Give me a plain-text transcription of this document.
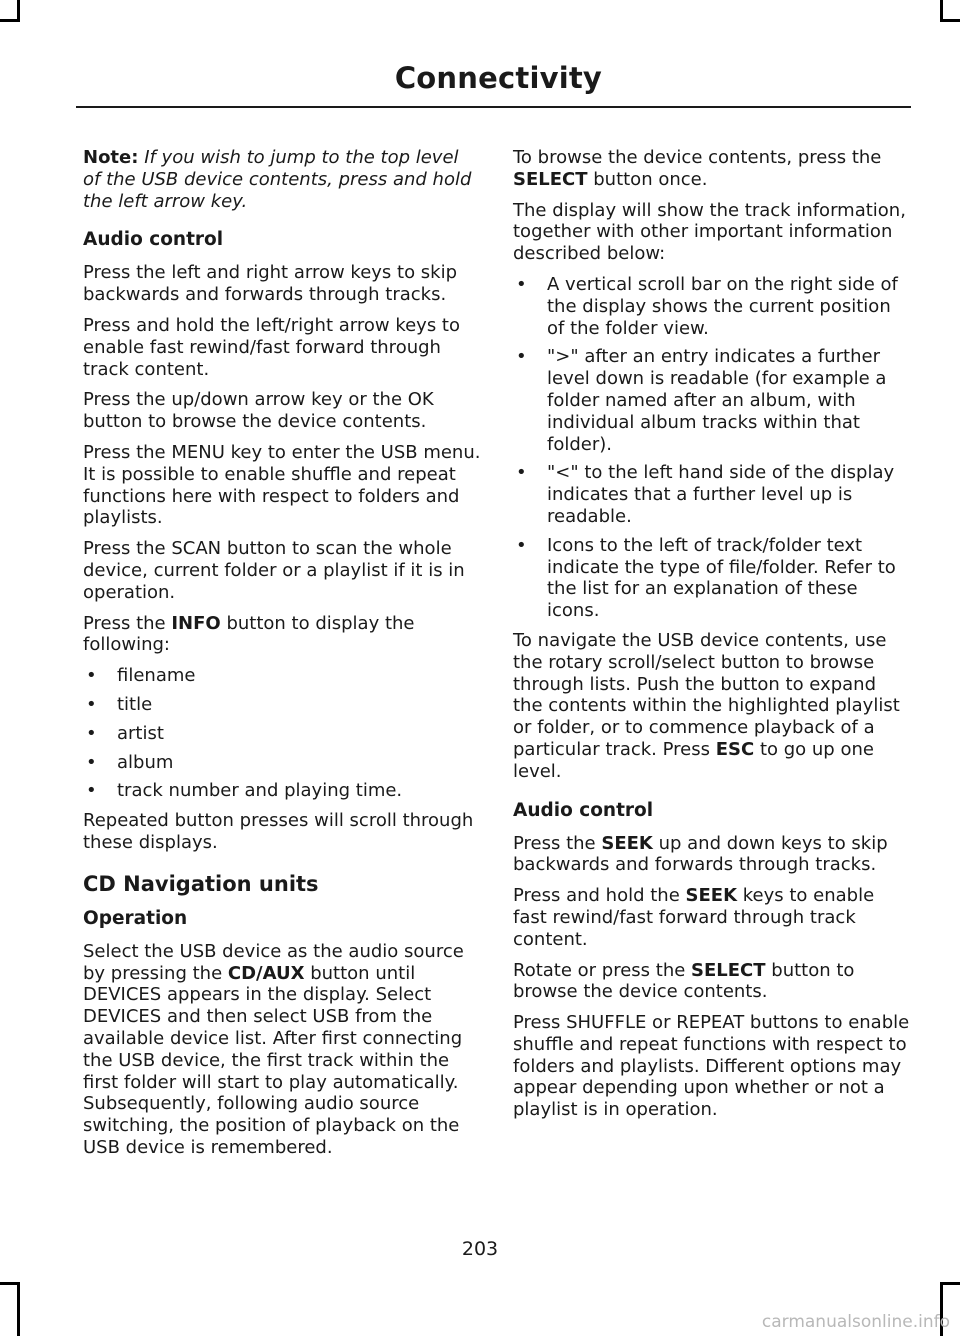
Connectivity

Note: If you wish to jump to the top level of the USB device contents, press and hold the left arrow key.

Audio control

Press the left and right arrow keys to skip backwards and forwards through tracks.

Press and hold the left/right arrow keys to enable fast rewind/fast forward through track content.

Press the up/down arrow key or the OK button to browse the device contents.

Press the MENU key to enter the USB menu. It is possible to enable shuffle and repeat functions here with respect to folders and playlists.

Press the SCAN button to scan the whole device, current folder or a playlist if it is in operation.

Press the INFO button to display the following:

• filename
• title
• artist
• album
• track number and playing time.

Repeated button presses will scroll through these displays.

CD Navigation units
Operation

Select the USB device as the audio source by pressing the CD/AUX button until DEVICES appears in the display. Select DEVICES and then select USB from the available device list. After first connecting the USB device, the first track within the first folder will start to play automatically. Subsequently, following audio source switching, the position of playback on the USB device is remembered.

To browse the device contents, press the SELECT button once.

The display will show the track information, together with other important information described below:

• A vertical scroll bar on the right side of the display shows the current position of the folder view.
• ">" after an entry indicates a further level down is readable (for example a folder named after an album, with individual album tracks within that folder).
• "<" to the left hand side of the display indicates that a further level up is readable.
• Icons to the left of track/folder text indicate the type of file/folder. Refer to the list for an explanation of these icons.

To navigate the USB device contents, use the rotary scroll/select button to browse through lists. Push the button to expand the contents within the highlighted playlist or folder, or to commence playback of a particular track. Press ESC to go up one level.

Audio control

Press the SEEK up and down keys to skip backwards and forwards through tracks.

Press and hold the SEEK keys to enable fast rewind/fast forward through track content.

Rotate or press the SELECT button to browse the device contents.

Press SHUFFLE or REPEAT buttons to enable shuffle and repeat functions with respect to folders and playlists. Different options may appear depending upon whether or not a playlist is in operation.

203
carmanualsonline.info
